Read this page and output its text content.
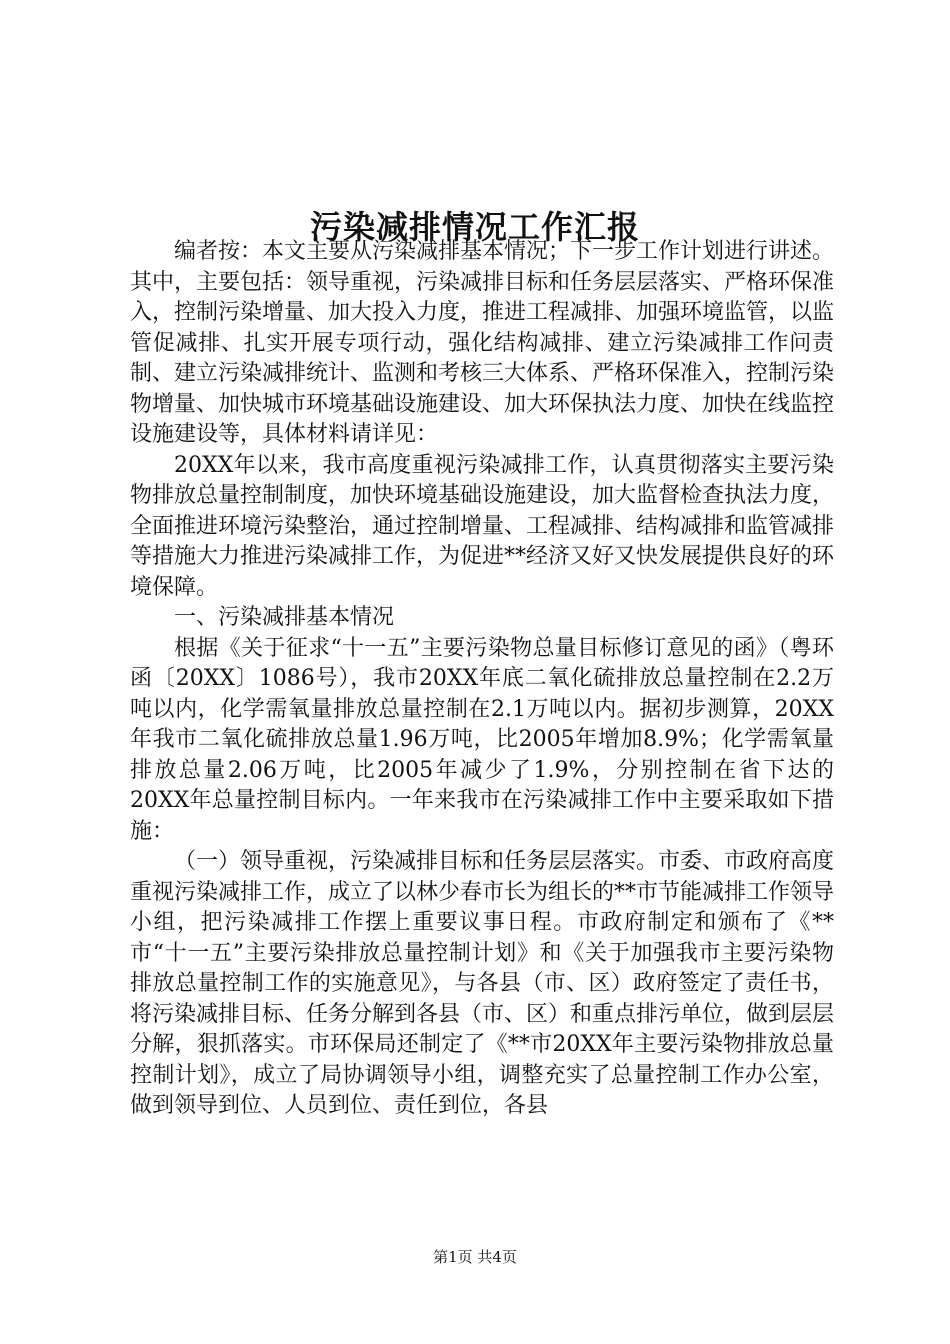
污染减排情况工作汇报

编者按：本文主要从污染减排基本情况；下一步工作计划进行讲述。其中，主要包括：领导重视，污染减排目标和任务层层落实、严格环保准入，控制污染增量、加大投入力度，推进工程减排、加强环境监管，以监管促减排、扎实开展专项行动，强化结构减排、建立污染减排工作问责制、建立污染减排统计、监测和考核三大体系、严格环保准入，控制污染物增量、加快城市环境基础设施建设、加大环保执法力度、加快在线监控设施建设等，具体材料请详见：

20XX年以来，我市高度重视污染减排工作，认真贯彻落实主要污染物排放总量控制制度，加快环境基础设施建设，加大监督检查执法力度，全面推进环境污染整治，通过控制增量、工程减排、结构减排和监管减排等措施大力推进污染减排工作，为促进**经济又好又快发展提供良好的环境保障。

一、污染减排基本情况

根据《关于征求“十一五”主要污染物总量目标修订意见的函》（粤环函〔20XX〕1086号），我市20XX年底二氧化硫排放总量控制在2.2万吨以内，化学需氧量排放总量控制在2.1万吨以内。据初步测算，20XX年我市二氧化硫排放总量1.96万吨，比2005年增加8.9%；化学需氧量排放总量2.06万吨，比2005年减少了1.9%，分别控制在省下达的20XX年总量控制目标内。一年来我市在污染减排工作中主要采取如下措施：

（一）领导重视，污染减排目标和任务层层落实。市委、市政府高度重视污染减排工作，成立了以林少春市长为组长的**市节能减排工作领导小组，把污染减排工作摆上重要议事日程。市政府制定和颁布了《**市“十一五”主要污染排放总量控制计划》和《关于加强我市主要污染物排放总量控制工作的实施意见》，与各县（市、区）政府签定了责任书，将污染减排目标、任务分解到各县（市、区）和重点排污单位，做到层层分解，狠抓落实。市环保局还制定了《**市20XX年主要污染物排放总量控制计划》，成立了局协调领导小组，调整充实了总量控制工作办公室，做到领导到位、人员到位、责任到位，各县

第1页 共4页
